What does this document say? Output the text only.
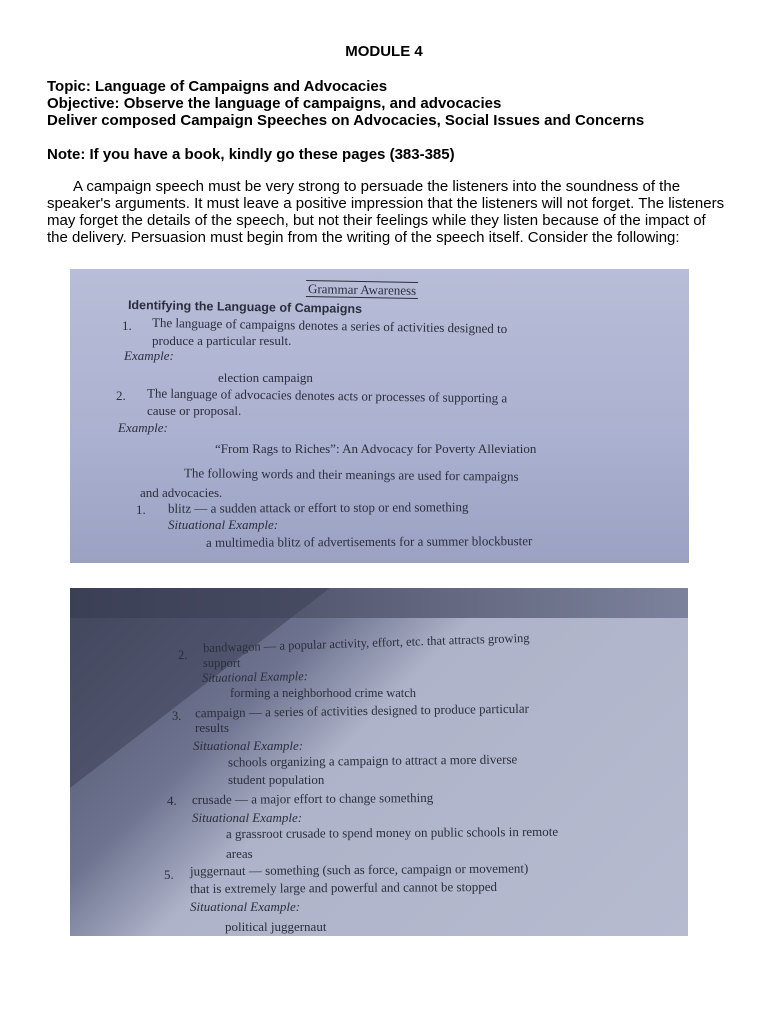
MODULE 4
Topic: Language of Campaigns and Advocacies
Objective: Observe the language of campaigns, and advocacies
Deliver composed Campaign Speeches on Advocacies, Social Issues and Concerns
Note: If you have a book, kindly go these pages (383-385)
A campaign speech must be very strong to persuade the listeners into the soundness of the speaker's arguments. It must leave a positive impression that the listeners will not forget. The listeners may forget the details of the speech, but not their feelings while they listen because of the impact of the delivery. Persuasion must begin from the writing of the speech itself. Consider the following:
Grammar Awareness
Identifying the Language of Campaigns
1. The language of campaigns denotes a series of activities designed to
produce a particular result.
Example:
election campaign
2. The language of advocacies denotes acts or processes of supporting a
cause or proposal.
Example:
“From Rags to Riches”: An Advocacy for Poverty Alleviation
The following words and their meanings are used for campaigns
and advocacies.
1. blitz — a sudden attack or effort to stop or end something
Situational Example:
a multimedia blitz of advertisements for a summer blockbuster
2. bandwagon — a popular activity, effort, etc. that attracts growing
support
Situational Example:
forming a neighborhood crime watch
3. campaign — a series of activities designed to produce particular
results
Situational Example:
schools organizing a campaign to attract a more diverse
student population
4. crusade — a major effort to change something
Situational Example:
a grassroot crusade to spend money on public schools in remote
areas
5. juggernaut — something (such as force, campaign or movement)
that is extremely large and powerful and cannot be stopped
Situational Example:
political juggernaut
